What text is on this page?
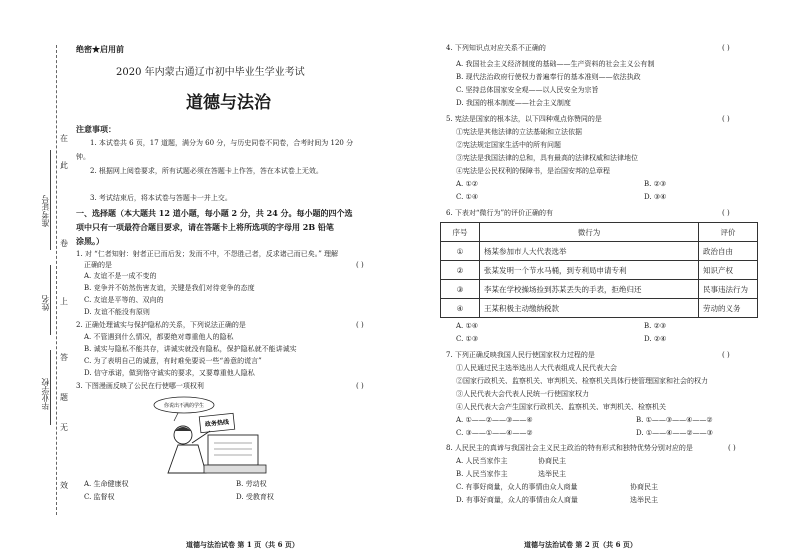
在
此
卷
上
答
题
无
效
准考证号
姓名
毕业学校
绝密★启用前
2020 年内蒙古通辽市初中毕业生学业考试
道德与法治
注意事项：
1. 本试卷共 6 页，17 道题，满分为 60 分，与历史同卷不同卷，合考时间为 120 分
钟。
2. 根据网上阅卷要求，所有试题必须在答题卡上作答，答在本试卷上无效。
3. 考试结束后，将本试卷与答题卡一并上交。
一、选择题（本大题共 12 道小题，每小题 2 分，共 24 分。每小题的四个选
项中只有一项最符合题目要求，请在答题卡上将所选项的字母用 2B 铅笔
涂黑。）
1. 对 “仁者知射：射者正已而后发；发而不中，不怨胜己者，反求诸己而已矣。” 理解
正确的是	( )
A. 友谊不是一成不变的
B. 竞争并不妨然伤害友谊，关键是我们对待竞争的态度
C. 友谊是平等的、双向的
D. 友谊不能没有原则
2. 正确处理诚实与保护隐私的关系，下列说法正确的是	( )
A. 不管遇到什么情况，都要绝对尊重他人的隐私
B. 诚实与隐私不能共存，讲诚实就没有隐私，保护隐私就不能讲诚实
C. 为了表明自己的诚意，有时难免要说一些“善意的谎言”
D. 信守承诺，做到恪守诚实的要求，又要尊重他人隐私
3. 下图漫画反映了公民在行使哪一项权利	( )
你说出不满的学生
政务热线
A. 生命健康权	B. 劳动权
C. 监督权	D. 受教育权
道德与法治试卷 第 1 页（共 6 页）
4. 下列知识点对应关系不正确的	( )
A. 我国社会主义经济制度的基础——生产资料的社会主义公有制
B. 现代法治政府行使权力普遍奉行的基本准则——依法执政
C. 坚持总体国家安全观——以人民安全为宗旨
D. 我国的根本制度——社会主义制度
5. 宪法是国家的根本法，以下四种观点你赞同的是	( )
①宪法是其他法律的立法基础和立法依据
②宪法规定国家生活中的所有问题
③宪法是我国法律的总和，具有最高的法律权威和法律地位
④宪法是公民权利的保障书，是治国安邦的总章程
A. ①②	B. ②③
C. ①④	D. ③④
6. 下表对“微行为”的评价正确的有	( )
序号	微行为	评价
①	杨某参加市人大代表选举	政治自由
②	张某发明一个节水马桶，到专利局申请专利	知识产权
③	李某在学校操场捡到苏某丢失的手表，拒绝归还	民事违法行为
④	王某积极主动缴纳税款	劳动的义务
A. ①④	B. ②③
C. ①③	D. ②④
7. 下列正确反映我国人民行使国家权力过程的是	( )
①人民通过民主选举选出人大代表组成人民代表大会
②国家行政机关、监察机关、审判机关、检察机关具体行使管理国家和社会的权力
③人民代表大会代表人民统一行使国家权力
④人民代表大会产生国家行政机关、监察机关、审判机关、检察机关
A. ①——②——③——④	B. ①——③——④——②
C. ③——①——④——②	D. ①——④——②——③
8. 人民民主的真谛与我国社会主义民主政治的特有形式和独特优势分别对应的是	( )
A. 人民当家作主	协商民主
B. 人民当家作主	选举民主
C. 有事好商量，众人的事情由众人商量	协商民主
D. 有事好商量，众人的事情由众人商量	选举民主
道德与法治试卷 第 2 页（共 6 页）
